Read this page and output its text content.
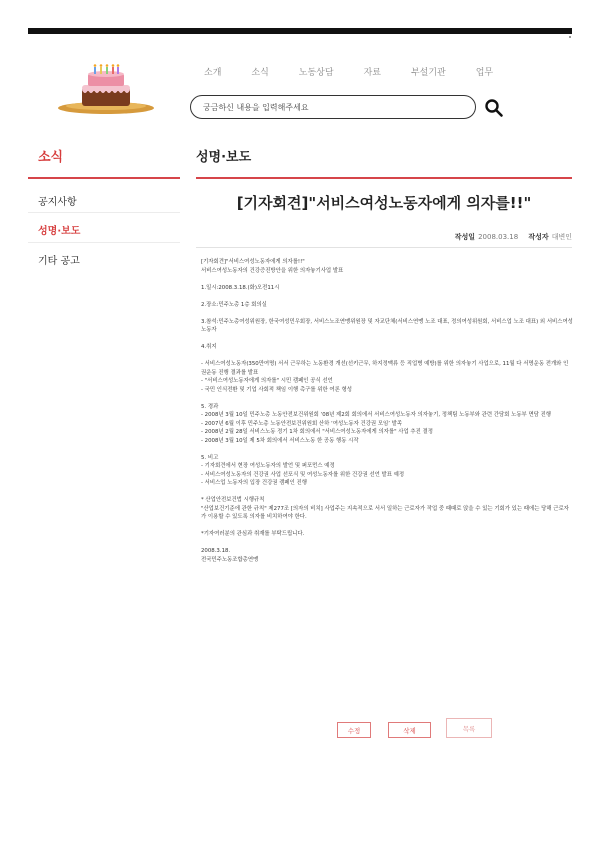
소개	소식	노동상담	자료	부설기관	업무
궁금하신 내용을 입력해주세요
소식
공지사항
성명·보도
기타 공고
성명·보도
[기자회견]"서비스여성노동자에게 의자를!!"
작성일 2008.03.18 작성자 대변인

[기자회견]"서비스여성노동자에게 의자를!!"

서비스여성노동자의 건강증진방안을 위한 의자놓기사업 발표

1.일시:2008.3.18.(화)오전11시

2.장소:민주노총 1층 회의실

3.참석:민주노총여성위원장, 한국여성민우회장, 서비스노조연맹위원장 및 자교단체(서비스연맹 노조 대표, 정의여성위원회, 서비스업 노조 대표) 외 서비스여성노동자

4.취지

- 서비스여성노동자(350만여명) 서서 근무하는 노동환경 개선(선키근무, 하지정맥류 등 직업병 예방)를 위한 의자놓기 사업으로, 11월 다 서명운동 전개와 인권운동 진행 결과를 발표

- "서비스여성노동자에게 의자를" 시민 캠페인 공식 선언

- 국민 인식전환 및 기업 사회적 책임 이행 촉구를 위한 여론 형성

5. 경과

- 2008년 3월 10일 민주노총 노동안전보건위원회 ‘08년 제2회 회의에서 서비스여성노동자 의자놓기, 정책팀 노동부와 관련 간담회 노동부 면담 진행

- 2007년 6월 이후 민주노총 노동안전보건위원회 산하 ‘여성노동자 건강권 모임’ 발족

- 2008년 2월 28일 서비스노동 정기 1차 회의에서 "서비스여성노동자에게 의자를" 사업 추진 결정

- 2008년 3월 10일 제 5차 회의에서 서비스노동 한 공동 행동 시작

5. 비고

- 기자회견에서 현장 여성노동자의 발언 및 퍼포먼스 예정

- 서비스여성노동자의 건강권 사업 선포식 및 여성노동자를 위한 건강권 선언 발표 예정

- 서비스업 노동자의 입장 건강권 캠페인 진행

* 산업안전보건법 시행규칙

"산업보건기준에 관한 규칙" 제277조 [의자의 비치] 사업주는 지속적으로 서서 일하는 근로자가 작업 중 때때로 앉을 수 있는 기회가 있는 때에는 당해 근로자가 이용할 수 있도록 의자를 비치하여야 한다.

*기자여러분의 관심과 취재를 부탁드립니다.

2008.3.18.

전국민주노동조합총연맹

수정	삭제	목록
